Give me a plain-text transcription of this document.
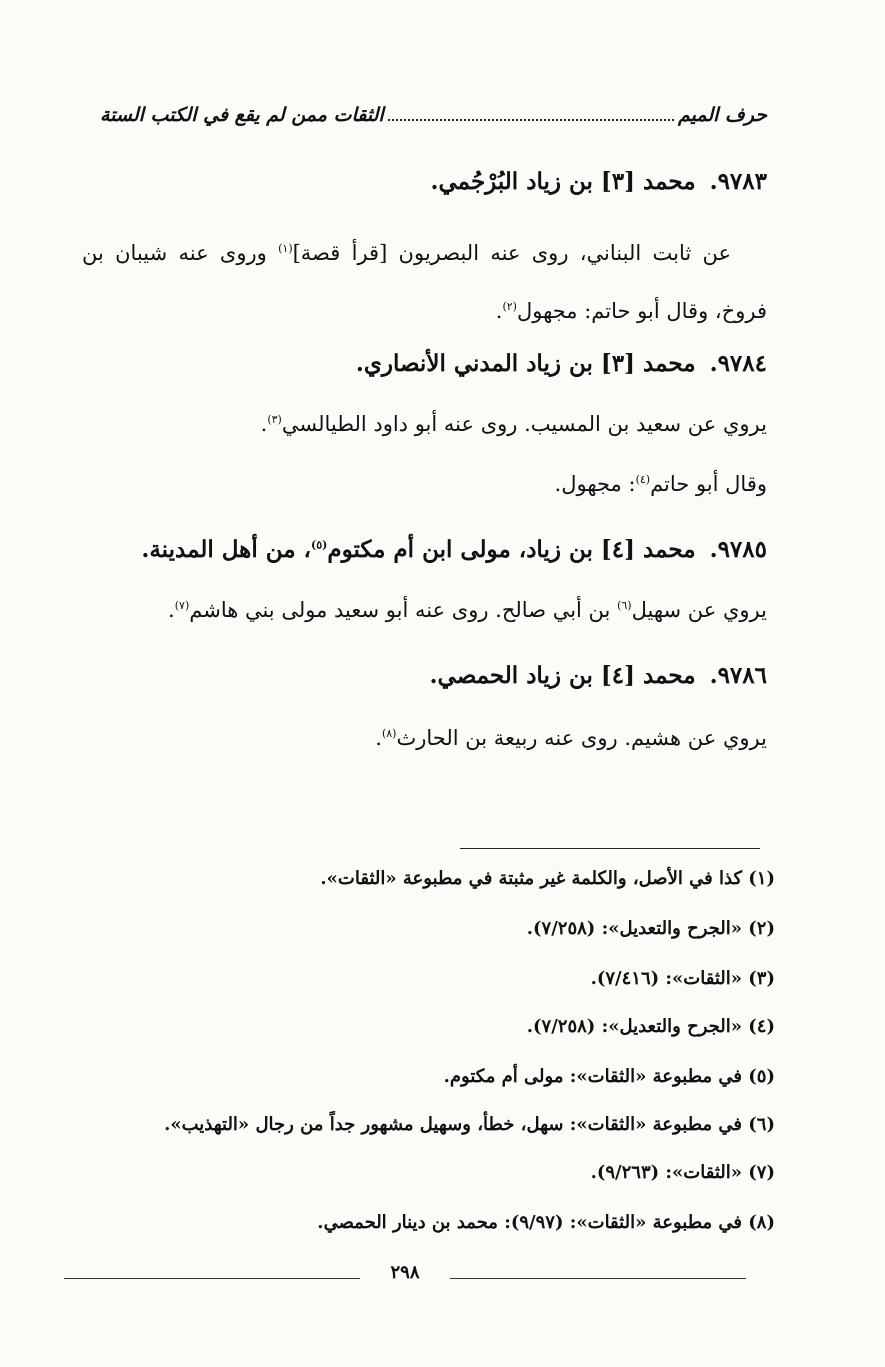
حرف الميم
الثقات ممن لم يقع في الكتب الستة
٩٧٨٣.محمد [٣] بن زياد البُرْجُمي.
عن ثابت البناني، روى عنه البصريون [قرأ قصة]$^{(١)}$ وروى عنه شيبان بن فروخ، وقال أبو حاتم: مجهول$^{(٢)}$.
٩٧٨٤.محمد [٣] بن زياد المدني الأنصاري.
يروي عن سعيد بن المسيب. روى عنه أبو داود الطيالسي$^{(٣)}$.
وقال أبو حاتم$^{(٤)}$: مجهول.
٩٧٨٥.محمد [٤] بن زياد، مولى ابن أم مكتوم$^{(٥)}$، من أهل المدينة.
يروي عن سهيل$^{(٦)}$ بن أبي صالح. روى عنه أبو سعيد مولى بني هاشم$^{(٧)}$.
٩٧٨٦.محمد [٤] بن زياد الحمصي.
يروي عن هشيم. روى عنه ربيعة بن الحارث$^{(٨)}$.
(١) كذا في الأصل، والكلمة غير مثبتة في مطبوعة «الثقات».
(٢) «الجرح والتعديل»: (٧/٢٥٨).
(٣) «الثقات»: (٧/٤١٦).
(٤) «الجرح والتعديل»: (٧/٢٥٨).
(٥) في مطبوعة «الثقات»: مولى أم مكتوم.
(٦) في مطبوعة «الثقات»: سهل، خطأ، وسهيل مشهور جداً من رجال «التهذيب».
(٧) «الثقات»: (٩/٢٦٣).
(٨) في مطبوعة «الثقات»: (٩/٩٧): محمد بن دينار الحمصي.
٢٩٨
